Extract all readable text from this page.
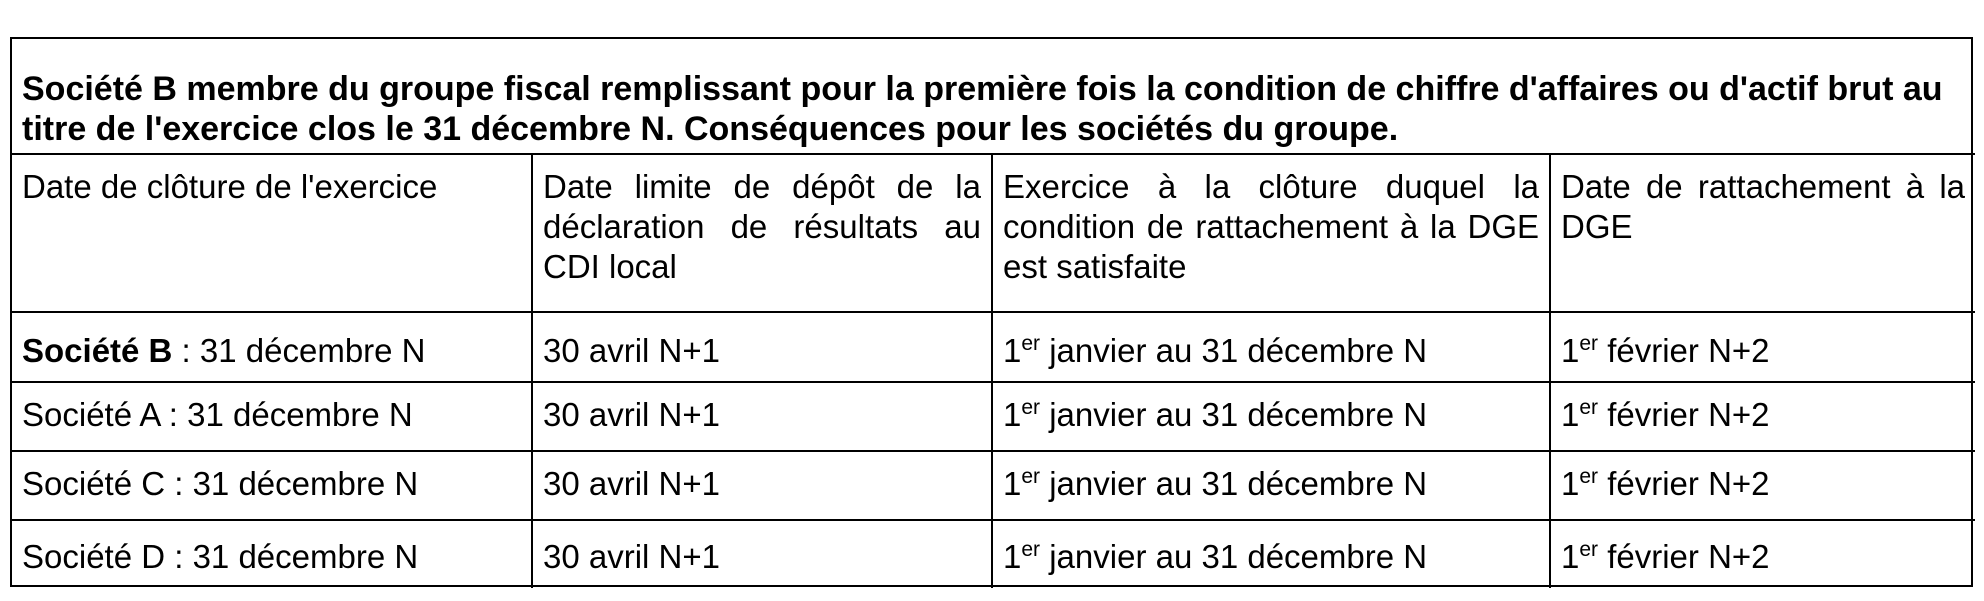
Société B membre du groupe fiscal remplissant pour la première fois la condition de chiffre d'affaires ou d'actif brut au titre de l'exercice clos le 31 décembre N. Conséquences pour les sociétés du groupe.			
Date de clôture de l'exercice	Date limite de dépôt de la déclaration de résultats au CDI local	Exercice à la clôture duquel la condition de rattachement à la DGE est satisfaite	Date de rattachement à la DGE
Société B : 31 décembre N	30 avril N+1	1er janvier au 31 décembre N	1er février N+2
Société A : 31 décembre N	30 avril N+1	1er janvier au 31 décembre N	1er février N+2
Société C : 31 décembre N	30 avril N+1	1er janvier au 31 décembre N	1er février N+2
Société D : 31 décembre N	30 avril N+1	1er janvier au 31 décembre N	1er février N+2
